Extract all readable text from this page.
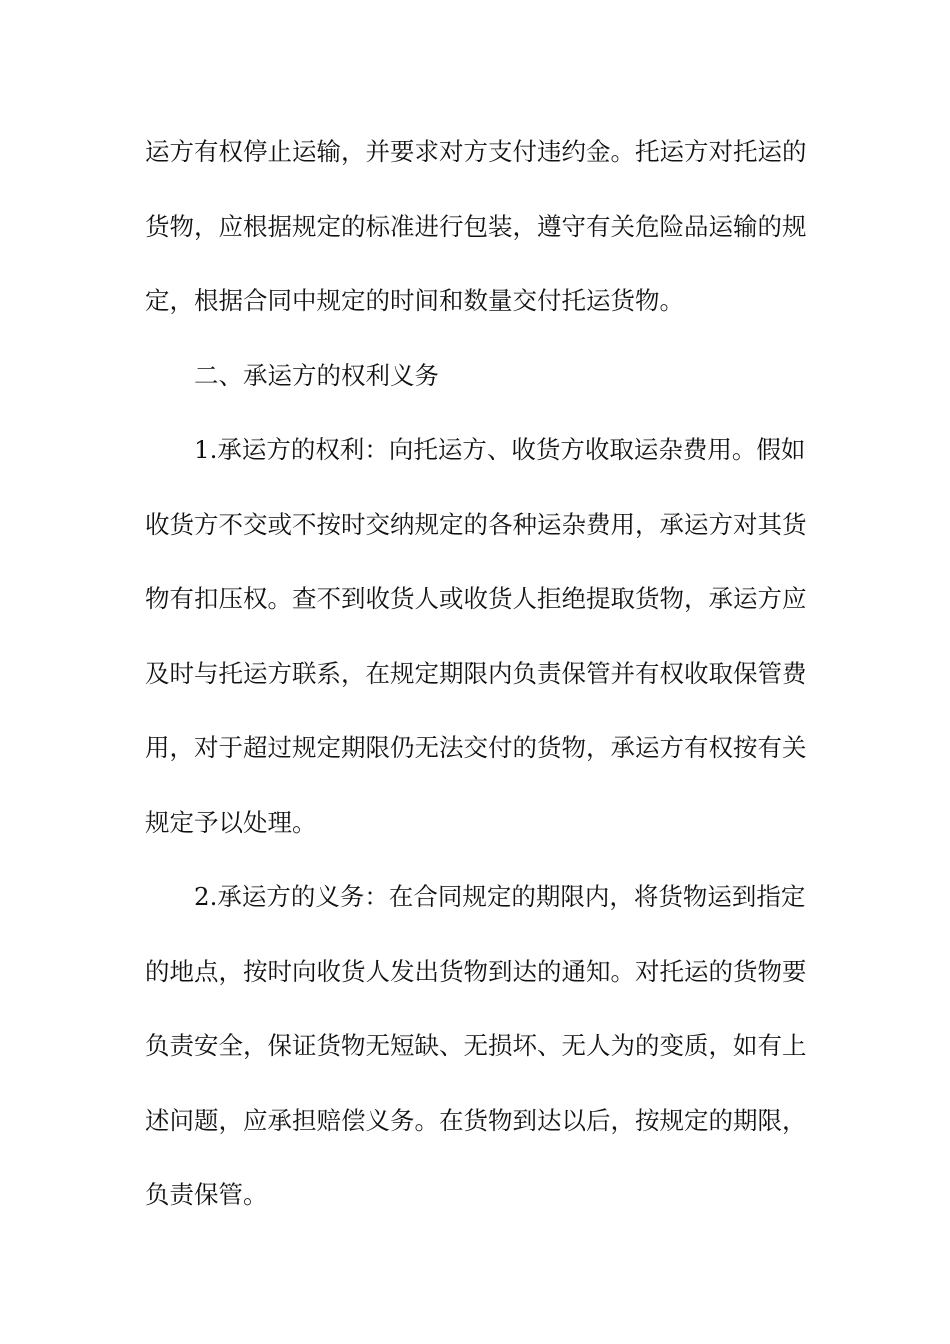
运方有权停止运输，并要求对方支付违约金。托运方对托运的
货物，应根据规定的标准进行包装，遵守有关危险品运输的规
定，根据合同中规定的时间和数量交付托运货物。
二、承运方的权利义务
1.承运方的权利：向托运方、收货方收取运杂费用。假如
收货方不交或不按时交纳规定的各种运杂费用，承运方对其货
物有扣压权。查不到收货人或收货人拒绝提取货物，承运方应
及时与托运方联系，在规定期限内负责保管并有权收取保管费
用，对于超过规定期限仍无法交付的货物，承运方有权按有关
规定予以处理。
2.承运方的义务：在合同规定的期限内，将货物运到指定
的地点，按时向收货人发出货物到达的通知。对托运的货物要
负责安全，保证货物无短缺、无损坏、无人为的变质，如有上
述问题，应承担赔偿义务。在货物到达以后，按规定的期限，
负责保管。
